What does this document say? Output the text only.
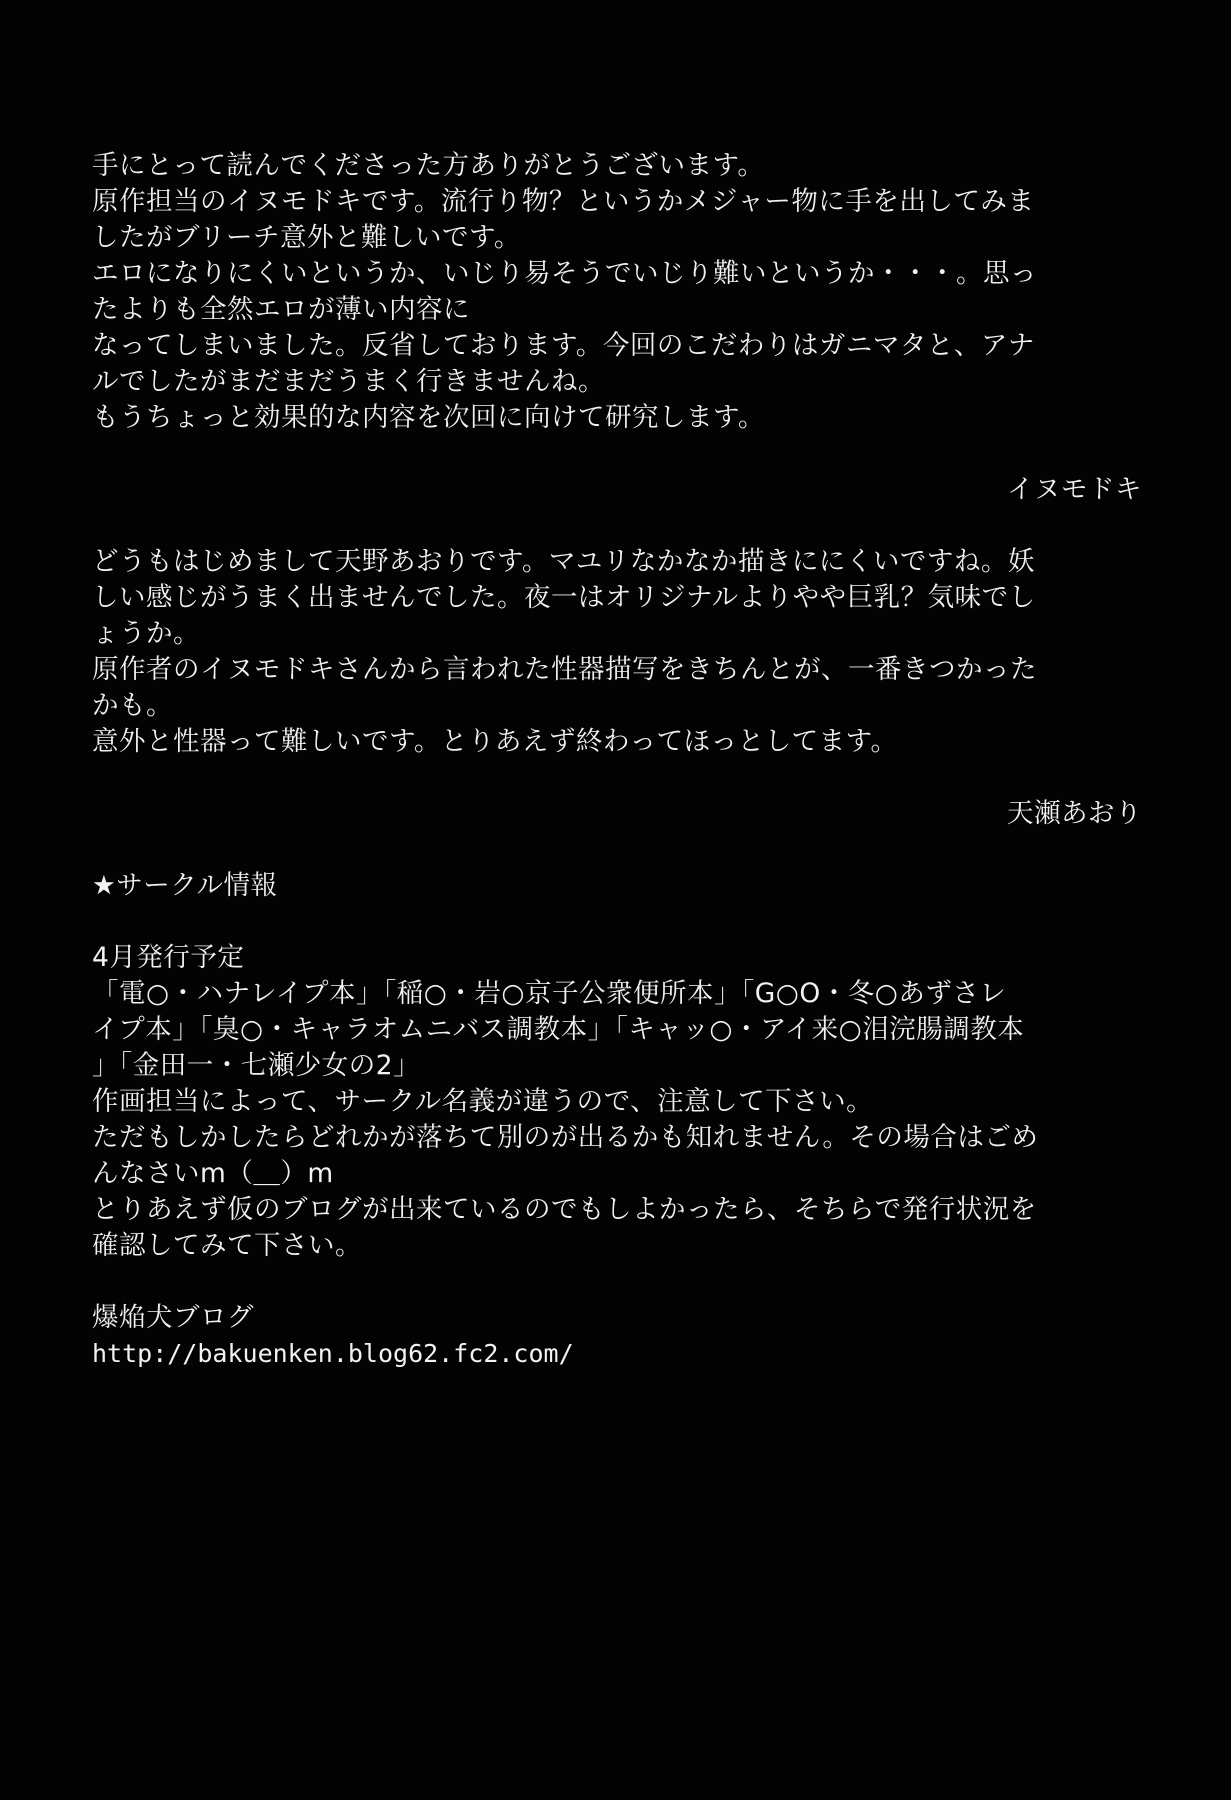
手にとって読んでくださった方ありがとうございます。
原作担当のイヌモドキです。流行り物？というかメジャー物に手を出してみま
したがブリーチ意外と難しいです。
エロになりにくいというか、いじり易そうでいじり難いというか・・・。思っ
たよりも全然エロが薄い内容に
なってしまいました。反省しております。今回のこだわりはガニマタと、アナ
ルでしたがまだまだうまく行きませんね。
もうちょっと効果的な内容を次回に向けて研究します。
イヌモドキ
どうもはじめまして天野あおりです。マユリなかなか描きににくいですね。妖
しい感じがうまく出ませんでした。夜一はオリジナルよりやや巨乳？気味でし
ょうか。
原作者のイヌモドキさんから言われた性器描写をきちんとが、一番きつかった
かも。
意外と性器って難しいです。とりあえず終わってほっとしてます。
天瀬あおり
★サークル情報
4月発行予定
「電○・ハナレイプ本」「稲○・岩○京子公衆便所本」「G○O・冬○あずさレ
イプ本」「臭○・キャラオムニバス調教本」「キャッ○・アイ来○泪浣腸調教本
」「金田一・七瀬少女の2」
作画担当によって、サークル名義が違うので、注意して下さい。
ただもしかしたらどれかが落ちて別のが出るかも知れません。その場合はごめ
んなさいm（＿）m
とりあえず仮のブログが出来ているのでもしよかったら、そちらで発行状況を
確認してみて下さい。
爆焔犬ブログ
http://bakuenken.blog62.fc2.com/
